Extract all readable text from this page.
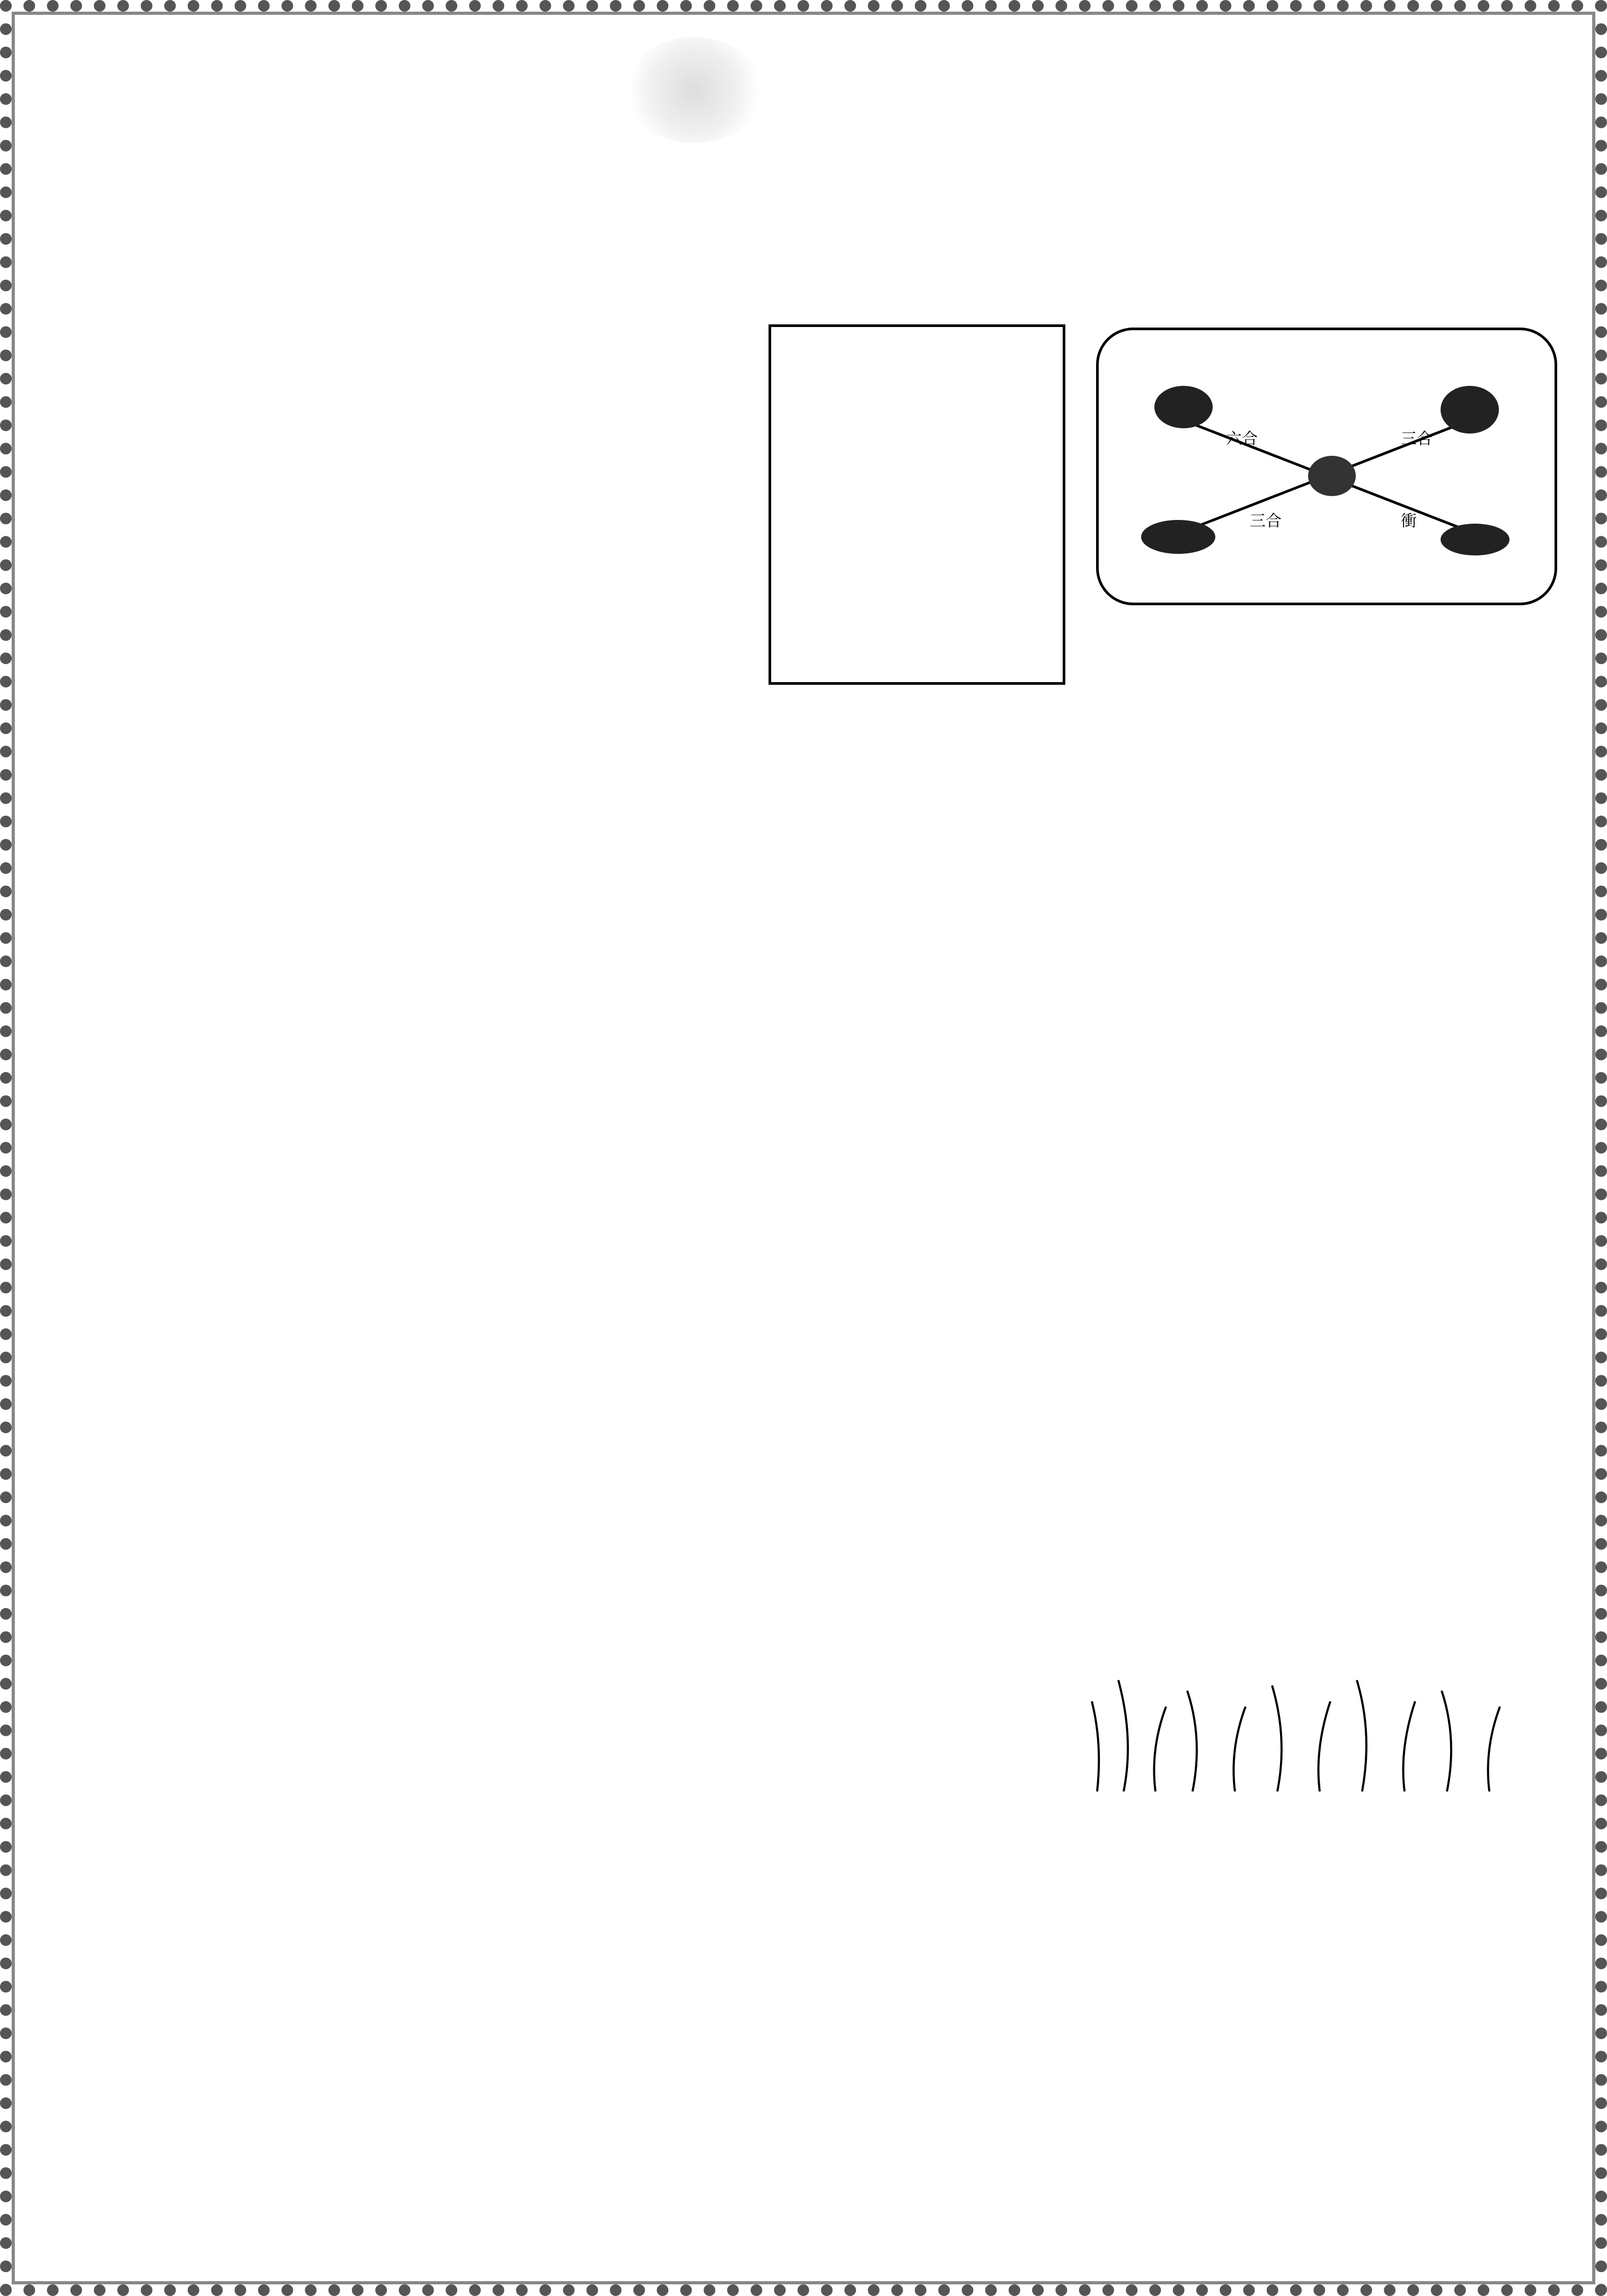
六合	三合
三合	衝
